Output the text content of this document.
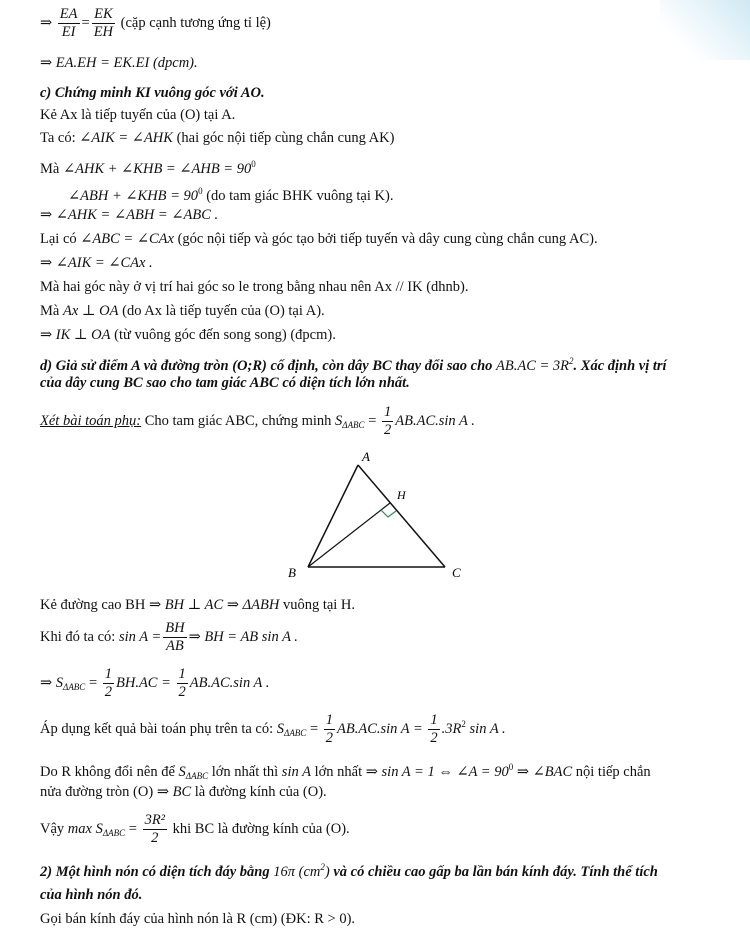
⇒ $\frac{EA}{EI} = \frac{EK}{EH}$ (cặp cạnh tương ứng tỉ lệ)
⇒ EA.EH = EK.EI (dpcm).
c) Chứng minh KI vuông góc với AO.
Kẻ Ax là tiếp tuyến của (O) tại A.
Ta có: ∠AIK = ∠AHK (hai góc nội tiếp cùng chắn cung AK)
Mà ∠AHK + ∠KHB = ∠AHB = $90^0$
∠ABH + ∠KHB = $90^0$ (do tam giác BHK vuông tại K).
⇒ ∠AHK = ∠ABH = ∠ABC .
Lại có ∠ABC = ∠CAx (góc nội tiếp và góc tạo bởi tiếp tuyến và dây cung cùng chắn cung AC).
⇒ ∠AIK = ∠CAx .
Mà hai góc này ở vị trí hai góc so le trong bằng nhau nên Ax // IK (dhnb).
Mà Ax ⊥ OA (do Ax là tiếp tuyến của (O) tại A).
⇒ IK ⊥ OA (từ vuông góc đến song song) (đpcm).
d) Giả sử điểm A và đường tròn (O;R) cố định, còn dây BC thay đổi sao cho $AB.AC = 3R^2$. Xác định vị trí
của dây cung BC sao cho tam giác ABC có diện tích lớn nhất.
Xét bài toán phụ: Cho tam giác ABC, chứng minh $S_{\Delta ABC} = \frac{1}{2} AB.AC.\sin$ A .
A
H
B	C
Kẻ đường cao BH ⇒ BH ⊥ AC ⇒ ΔABH vuông tại H.
Khi đó ta có: $\sin A = \frac{BH}{AB}$ ⇒ BH = AB sin A .
⇒ $S_{\Delta ABC} = \frac{1}{2} BH.AC = \frac{1}{2} AB.AC.\sin$ A .
Áp dụng kết quả bài toán phụ trên ta có: $S_{\Delta ABC} = \frac{1}{2} AB.AC.\sin$ $A = \frac{1}{2} .3R^2$ sin A .
Do R không đổi nên để $S_{\Delta ABC}$ lớn nhất thì sin A lớn nhất ⇒ sin A = 1 ⇔ ∠A = $90^0$ ⇒ ∠BAC nội tiếp chắn
nửa đường tròn (O) ⇒ BC là đường kính của (O).
Vậy $\max S_{\Delta ABC} = \frac{\text{3R²}}{2}$ khi BC là đường kính của (O).
2) Một hình nón có diện tích đáy bằng 16π $(cm^2)$ và có chiều cao gấp ba lần bán kính đáy. Tính thể tích
của hình nón đó.
Gọi bán kính đáy của hình nón là R (cm) (ĐK: R > 0).
